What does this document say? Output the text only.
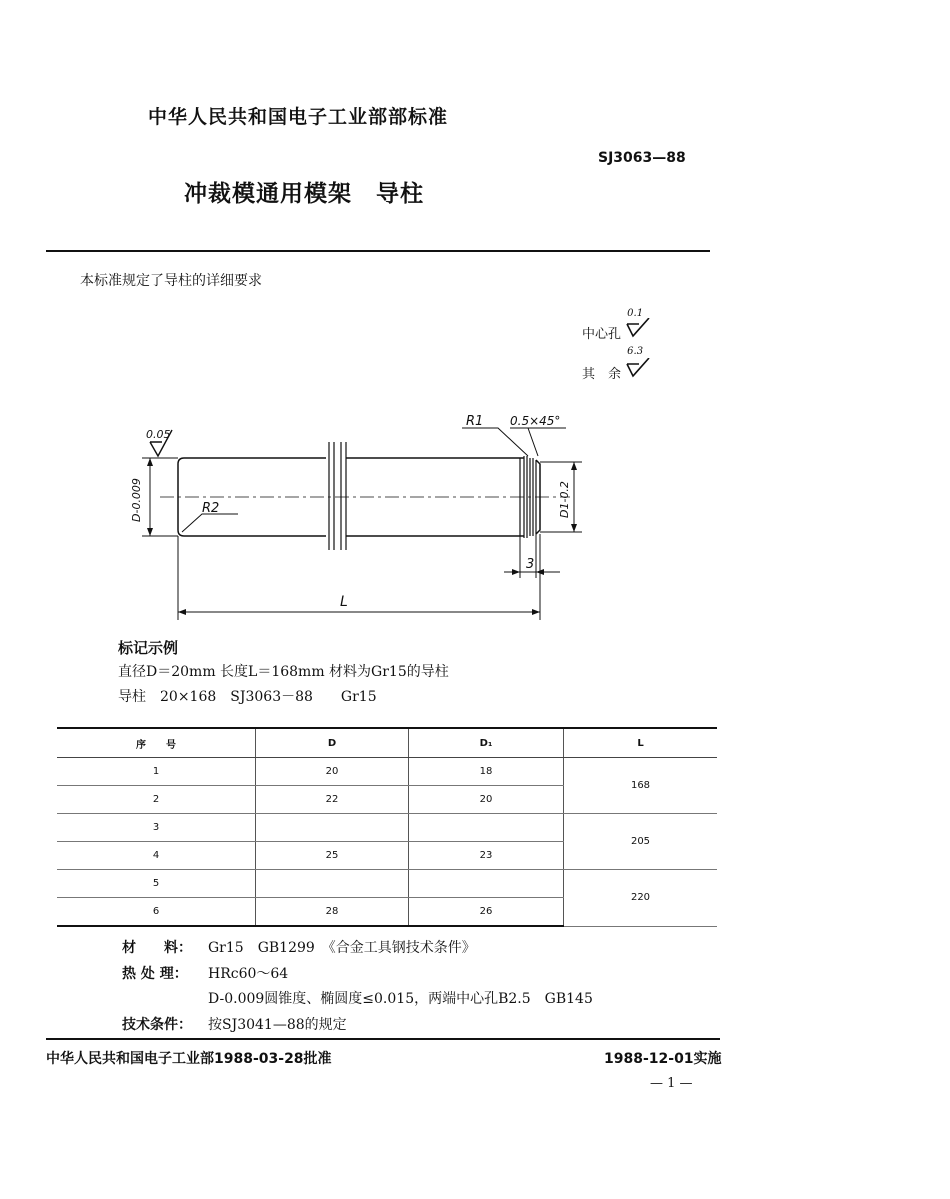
中华人民共和国电子工业部部标准
SJ3063—88
冲裁模通用模架　导柱
本标准规定了导柱的详细要求
中心孔
0.1
其　余
6.3
0.05
R2
R1 0.5×45°
D-0.009	D1-0.2
3
L
标记示例
直径D＝20mm 长度L＝168mm 材料为Gr15的导柱
导柱　20×168　SJ3063－88　　Gr15
序　　号	D	D₁	L
1	20	18	168
2	22	20	
3			205
4	25	23	
5			220
6	28	26	
材　　料： Gr15　GB1299　《合金工具钢技术条件》
热 处 理： HRc60～64
D-0.009圆锥度、椭圆度≤0.015，两端中心孔B2.5　GB145
技术条件： 按SJ3041—88的规定
中华人民共和国电子工业部1988-03-28批准	1988-12-01实施
— 1 —
